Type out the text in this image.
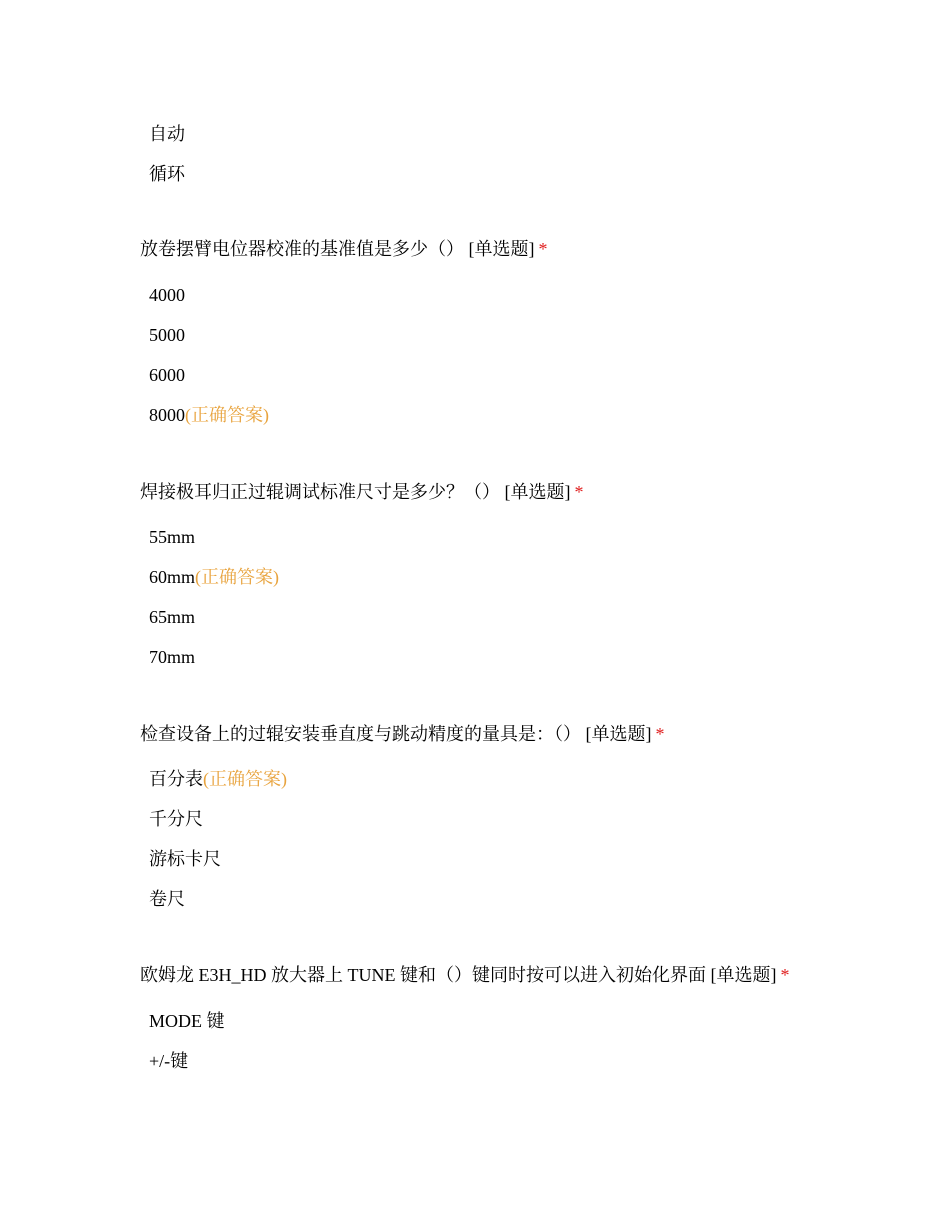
自动
循环
放卷摆臂电位器校准的基准值是多少（） [单选题] *
4000
5000
6000
8000(正确答案)
焊接极耳归正过辊调试标准尺寸是多少？（） [单选题] *
55mm
60mm(正确答案)
65mm
70mm
检查设备上的过辊安装垂直度与跳动精度的量具是：（） [单选题] *
百分表(正确答案)
千分尺
游标卡尺
卷尺
欧姆龙 E3H_HD 放大器上 TUNE 键和（）键同时按可以进入初始化界面 [单选题] *
MODE 键
+/-键
